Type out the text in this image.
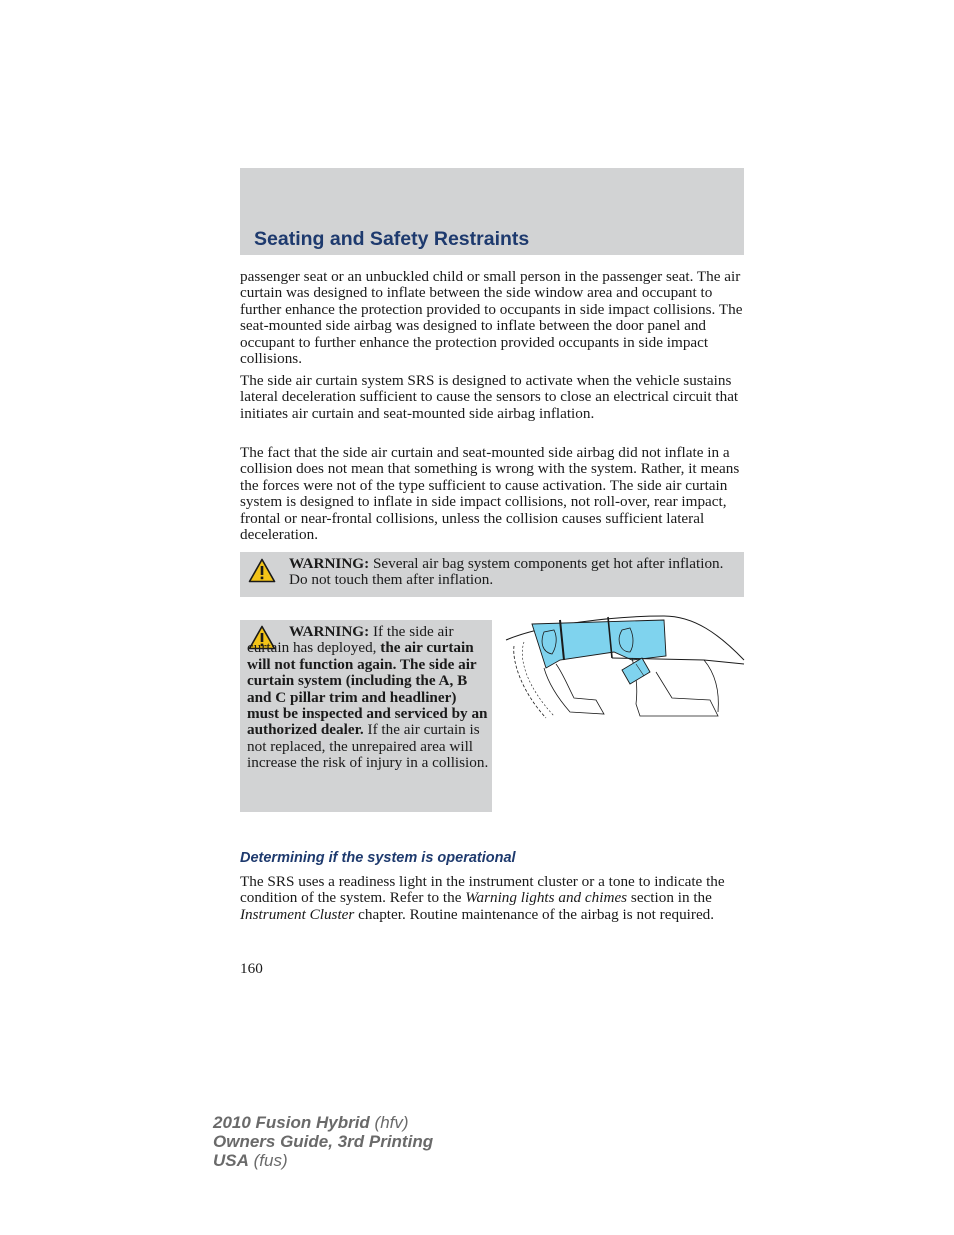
Seating and Safety Restraints

passenger seat or an unbuckled child or small person in the passenger seat. The air curtain was designed to inflate between the side window area and occupant to further enhance the protection provided to occupants in side impact collisions. The seat-mounted side airbag was designed to inflate between the door panel and occupant to further enhance the protection provided occupants in side impact collisions.

The side air curtain system SRS is designed to activate when the vehicle sustains lateral deceleration sufficient to cause the sensors to close an electrical circuit that initiates air curtain and seat-mounted side airbag inflation.

The fact that the side air curtain and seat-mounted side airbag did not inflate in a collision does not mean that something is wrong with the system. Rather, it means the forces were not of the type sufficient to cause activation. The side air curtain system is designed to inflate in side impact collisions, not roll-over, rear impact, frontal or near-frontal collisions, unless the collision causes sufficient lateral deceleration.

WARNING: Several air bag system components get hot after inflation. Do not touch them after inflation.
WARNING: If the side air curtain has deployed, the air curtain will not function again. The side air curtain system (including the A, B and C pillar trim and headliner) must be inspected and serviced by an authorized dealer. If the air curtain is not replaced, the unrepaired area will increase the risk of injury in a collision.
Determining if the system is operational

The SRS uses a readiness light in the instrument cluster or a tone to indicate the condition of the system. Refer to the Warning lights and chimes section in the Instrument Cluster chapter. Routine maintenance of the airbag is not required.

160
2010 Fusion Hybrid (hfv)
Owners Guide, 3rd Printing
USA (fus)
